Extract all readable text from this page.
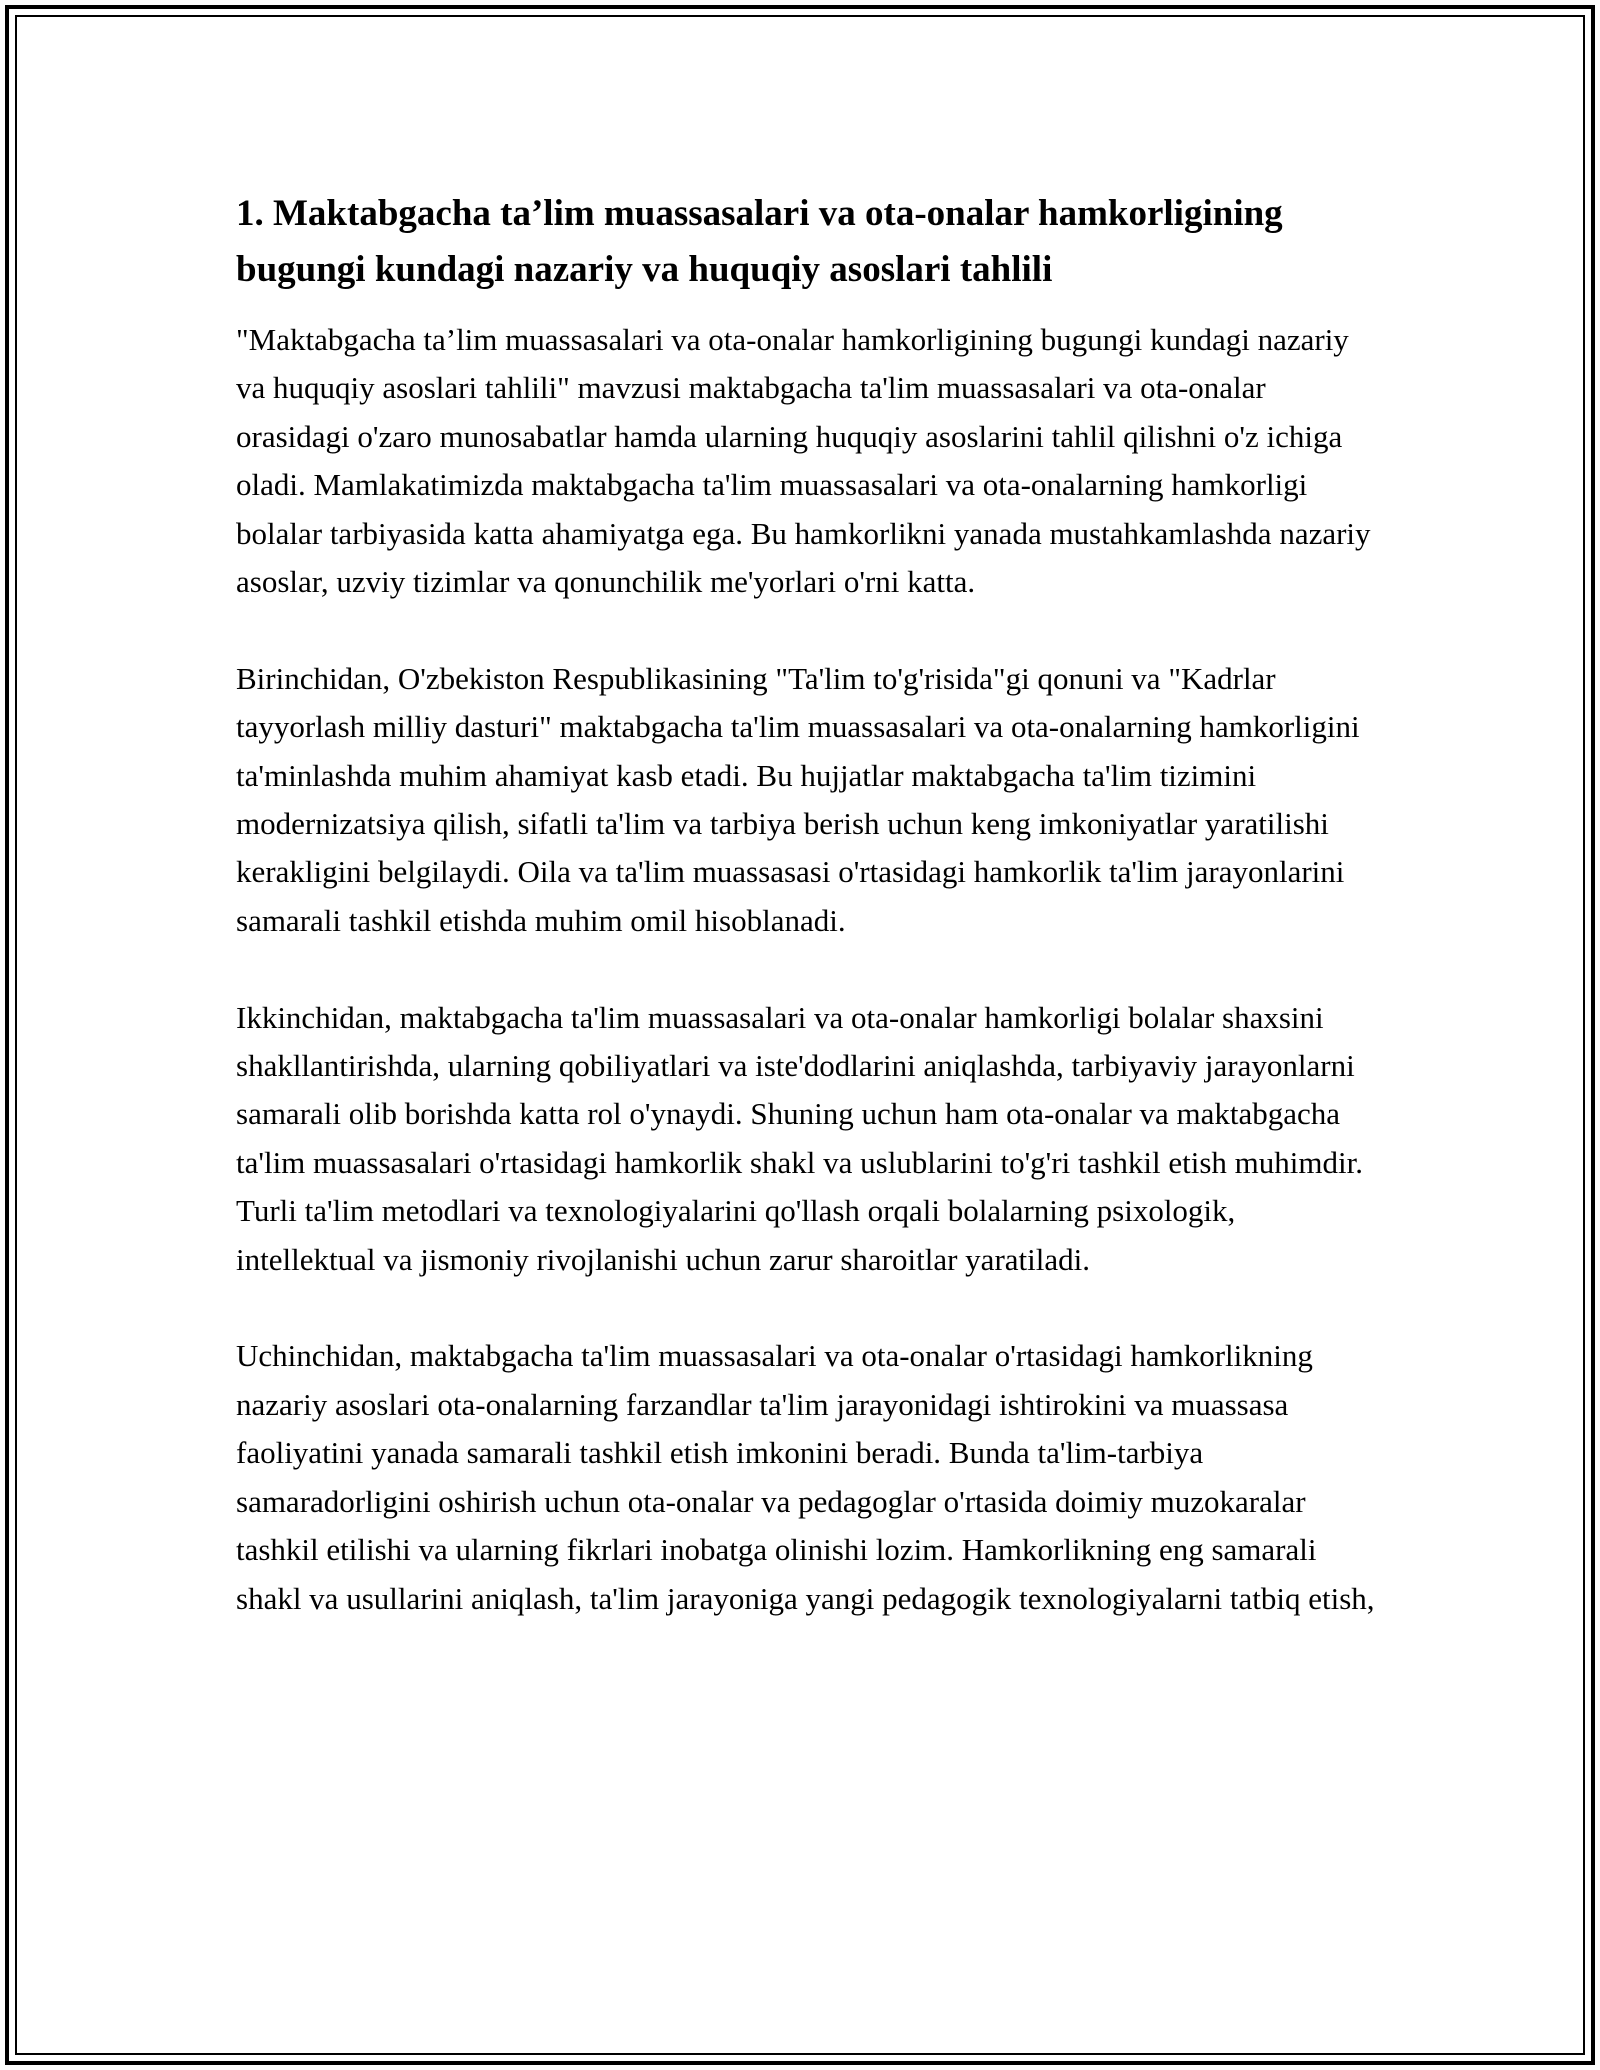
1. Maktabgacha ta’lim muassasalari va ota-onalar hamkorligining bugungi kundagi nazariy va huquqiy asoslari tahlili

"Maktabgacha ta’lim muassasalari va ota-onalar hamkorligining bugungi kundagi nazariy va huquqiy asoslari tahlili" mavzusi maktabgacha ta'lim muassasalari va ota-onalar orasidagi o'zaro munosabatlar hamda ularning huquqiy asoslarini tahlil qilishni o'z ichiga oladi. Mamlakatimizda maktabgacha ta'lim muassasalari va ota-onalarning hamkorligi bolalar tarbiyasida katta ahamiyatga ega. Bu hamkorlikni yanada mustahkamlashda nazariy asoslar, uzviy tizimlar va qonunchilik me'yorlari o'rni katta.

Birinchidan, O'zbekiston Respublikasining "Ta'lim to'g'risida"gi qonuni va "Kadrlar tayyorlash milliy dasturi" maktabgacha ta'lim muassasalari va ota-onalarning hamkorligini ta'minlashda muhim ahamiyat kasb etadi. Bu hujjatlar maktabgacha ta'lim tizimini modernizatsiya qilish, sifatli ta'lim va tarbiya berish uchun keng imkoniyatlar yaratilishi kerakligini belgilaydi. Oila va ta'lim muassasasi o'rtasidagi hamkorlik ta'lim jarayonlarini samarali tashkil etishda muhim omil hisoblanadi.

Ikkinchidan, maktabgacha ta'lim muassasalari va ota-onalar hamkorligi bolalar shaxsini shakllantirishda, ularning qobiliyatlari va iste'dodlarini aniqlashda, tarbiyaviy jarayonlarni samarali olib borishda katta rol o'ynaydi. Shuning uchun ham ota-onalar va maktabgacha ta'lim muassasalari o'rtasidagi hamkorlik shakl va uslublarini to'g'ri tashkil etish muhimdir. Turli ta'lim metodlari va texnologiyalarini qo'llash orqali bolalarning psixologik, intellektual va jismoniy rivojlanishi uchun zarur sharoitlar yaratiladi.

Uchinchidan, maktabgacha ta'lim muassasalari va ota-onalar o'rtasidagi hamkorlikning nazariy asoslari ota-onalarning farzandlar ta'lim jarayonidagi ishtirokini va muassasa faoliyatini yanada samarali tashkil etish imkonini beradi. Bunda ta'lim-tarbiya samaradorligini oshirish uchun ota-onalar va pedagoglar o'rtasida doimiy muzokaralar tashkil etilishi va ularning fikrlari inobatga olinishi lozim. Hamkorlikning eng samarali shakl va usullarini aniqlash, ta'lim jarayoniga yangi pedagogik texnologiyalarni tatbiq etish,
